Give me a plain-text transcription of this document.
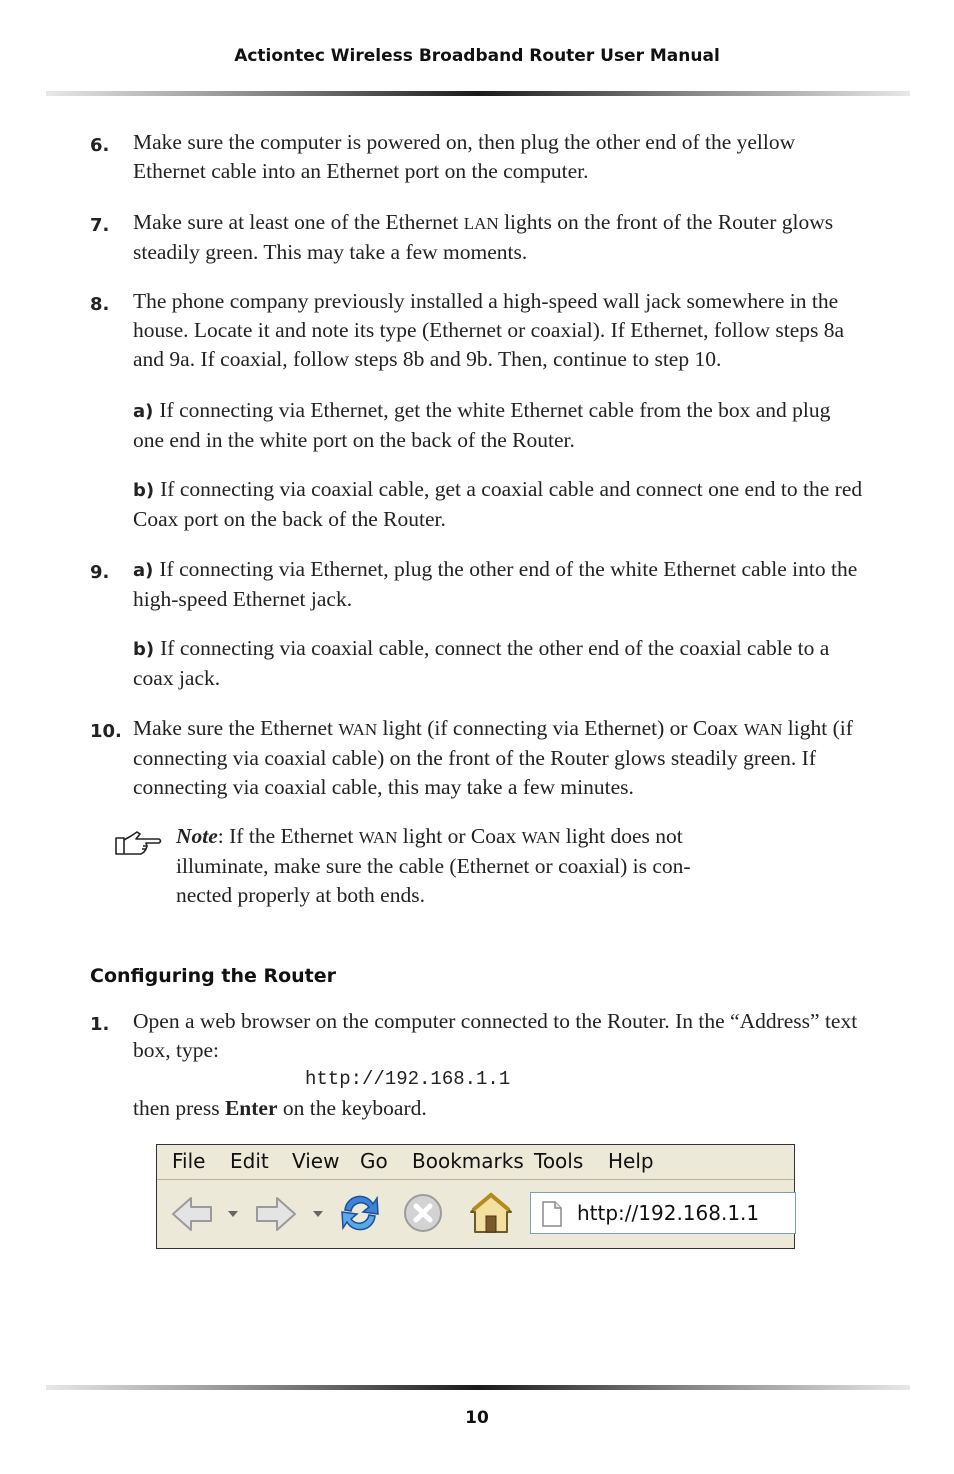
Actiontec Wireless Broadband Router User Manual
6. Make sure the computer is powered on, then plug the other end of the yellow Ethernet cable into an Ethernet port on the computer.
7. Make sure at least one of the Ethernet LAN lights on the front of the Router glows steadily green. This may take a few moments.
8. The phone company previously installed a high-speed wall jack somewhere in the house. Locate it and note its type (Ethernet or coaxial). If Ethernet, follow steps 8a and 9a. If coaxial, follow steps 8b and 9b. Then, continue to step 10.
a) If connecting via Ethernet, get the white Ethernet cable from the box and plug one end in the white port on the back of the Router.
b) If connecting via coaxial cable, get a coaxial cable and connect one end to the red Coax port on the back of the Router.
9. a) If connecting via Ethernet, plug the other end of the white Ethernet cable into the high-speed Ethernet jack.
b) If connecting via coaxial cable, connect the other end of the coaxial cable to a coax jack.
10. Make sure the Ethernet WAN light (if connecting via Ethernet) or Coax WAN light (if connecting via coaxial cable) on the front of the Router glows steadily green. If connecting via coaxial cable, this may take a few minutes.
Note: If the Ethernet WAN light or Coax WAN light does not illuminate, make sure the cable (Ethernet or coaxial) is con-nected properly at both ends.
Configuring the Router
1. Open a web browser on the computer connected to the Router. In the “Address” text box, type:
http://192.168.1.1
then press Enter on the keyboard.
File Edit View Go Bookmarks Tools Help
http://192.168.1.1
10
